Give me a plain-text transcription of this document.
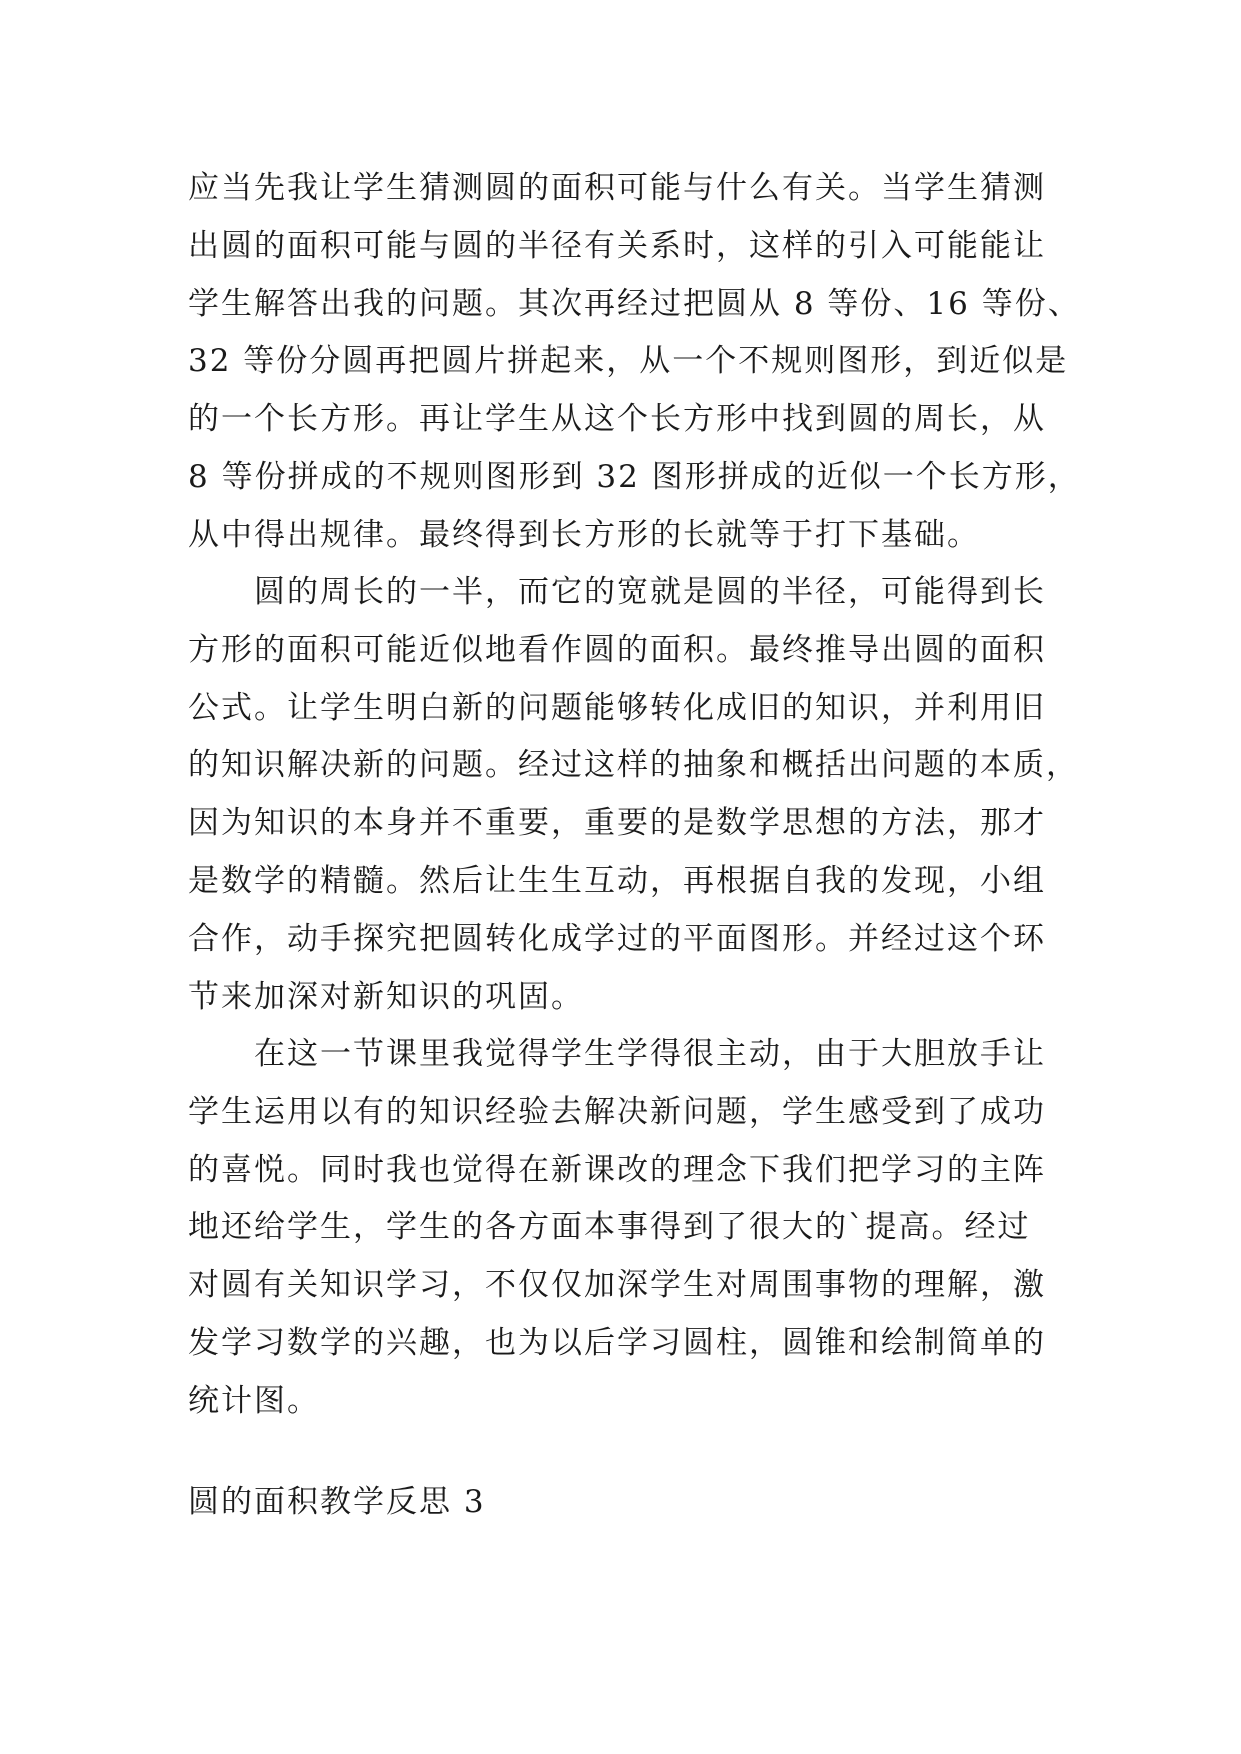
应当先我让学生猜测圆的面积可能与什么有关。当学生猜测
出圆的面积可能与圆的半径有关系时，这样的引入可能能让
学生解答出我的问题。其次再经过把圆从 8 等份、16 等份、
32 等份分圆再把圆片拼起来，从一个不规则图形，到近似是
的一个长方形。再让学生从这个长方形中找到圆的周长，从
8 等份拼成的不规则图形到 32 图形拼成的近似一个长方形，
从中得出规律。最终得到长方形的长就等于打下基础。

　　圆的周长的一半，而它的宽就是圆的半径，可能得到长
方形的面积可能近似地看作圆的面积。最终推导出圆的面积
公式。让学生明白新的问题能够转化成旧的知识，并利用旧
的知识解决新的问题。经过这样的抽象和概括出问题的本质，
因为知识的本身并不重要，重要的是数学思想的方法，那才
是数学的精髓。然后让生生互动，再根据自我的发现，小组
合作，动手探究把圆转化成学过的平面图形。并经过这个环
节来加深对新知识的巩固。

　　在这一节课里我觉得学生学得很主动，由于大胆放手让
学生运用以有的知识经验去解决新问题，学生感受到了成功
的喜悦。同时我也觉得在新课改的理念下我们把学习的主阵
地还给学生，学生的各方面本事得到了很大的`提高。经过
对圆有关知识学习，不仅仅加深学生对周围事物的理解，激
发学习数学的兴趣，也为以后学习圆柱，圆锥和绘制简单的
统计图。

圆的面积教学反思 3
